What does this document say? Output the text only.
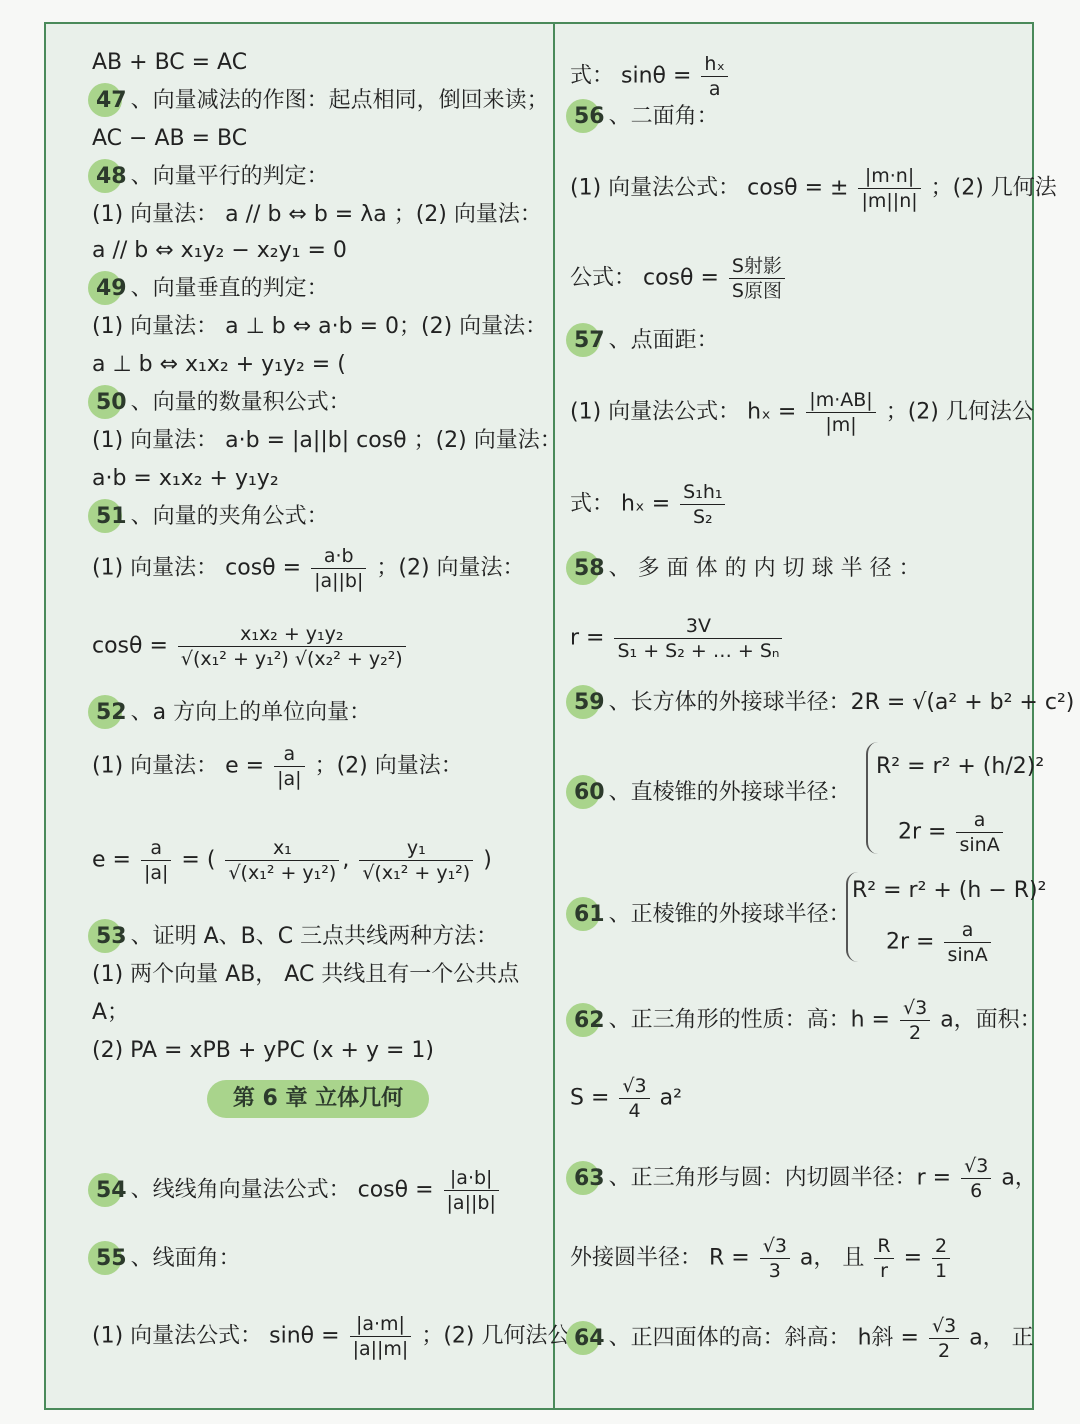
AB + BC = AC
47 、向量减法的作图：起点相同，倒回来读；
AC − AB = BC
48 、向量平行的判定：
(1) 向量法： a // b ⇔ b = λa ；(2) 向量法：
a // b ⇔ x₁y₂ − x₂y₁ = 0
49 、向量垂直的判定：
(1) 向量法： a ⊥ b ⇔ a·b = 0；(2) 向量法：
a ⊥ b ⇔ x₁x₂ + y₁y₂ = (
50 、向量的数量积公式：
(1) 向量法： a·b = |a||b| cosθ ；(2) 向量法：
a·b = x₁x₂ + y₁y₂
51 、向量的夹角公式：
(1) 向量法： $\cos\theta = \frac{a\cdot b}{|a||b|}$ ；(2) 向量法：
$\cos\theta = \frac{\text{x₁x₂ + y₁y₂}}{\text{√(x₁² + y₁²) √(x₂² + y₂²)}}$
52 、a 方向上的单位向量：
(1) 向量法： $e = \frac{a}{|a|}$ ；(2) 向量法：
$e = \frac{a}{|a|}$ = ( $\frac{\text{x₁}}{\text{√(x₁² + y₁²)}}$ , $\frac{\text{y₁}}{\text{√(x₁² + y₁²)}}$ )
53 、证明 A、B、C 三点共线两种方法：
(1) 两个向量 AB， AC 共线且有一个公共点
A；
(2) PA = xPB + yPC (x + y = 1)
第 6 章 立体几何
54 、线线角向量法公式： $\cos\theta = \frac{|a\cdot b|}{|a||b|}$
55 、线面角：
(1) 向量法公式： $\sin\theta = \frac{|a\cdot m|}{|a||m|}$ ；(2) 几何法公
式： $\sin\theta = \frac{\text{hₓ}}{a}$
56 、二面角：
(1) 向量法公式： cosθ = ± $\frac{|m\cdot n|}{|m||n|}$ ；(2) 几何法
公式： $\cos\theta = \frac{\text{S射影}}{\text{S原图}}$
57 、点面距：
(1) 向量法公式： $h_x = \frac{|m\cdot AB|}{|m|}$ ；(2) 几何法公
式： $h_x = \frac{\text{S₁h₁}}{\text{S₂}}$
58 、 多 面 体 的 内 切 球 半 径 ：
$r = \frac{3V}{\text{S₁ + S₂ + … + Sₙ}}$
59 、长方体的外接球半径：2R = √(a² + b² + c²)
60 、直棱锥的外接球半径：
R² = r² + (h/2)²
$2r = \frac{a}{\sin A}$
61 、正棱锥的外接球半径：
R² = r² + (h − R)²
$2r = \frac{a}{\sin A}$
62 、正三角形的性质：高：$h = \frac{√3}{2}$ a，面积：
$S = \frac{√3}{4} a^2$
63 、正三角形与圆：内切圆半径：$r = \frac{√3}{6}$ a，
外接圆半径： $R = \frac{√3}{3}$ a， 且 $\frac{R}{r} = \frac{2}{1}$
64 、正四面体的高：斜高： h斜 = $\frac{√3}{2}$ a， 正
